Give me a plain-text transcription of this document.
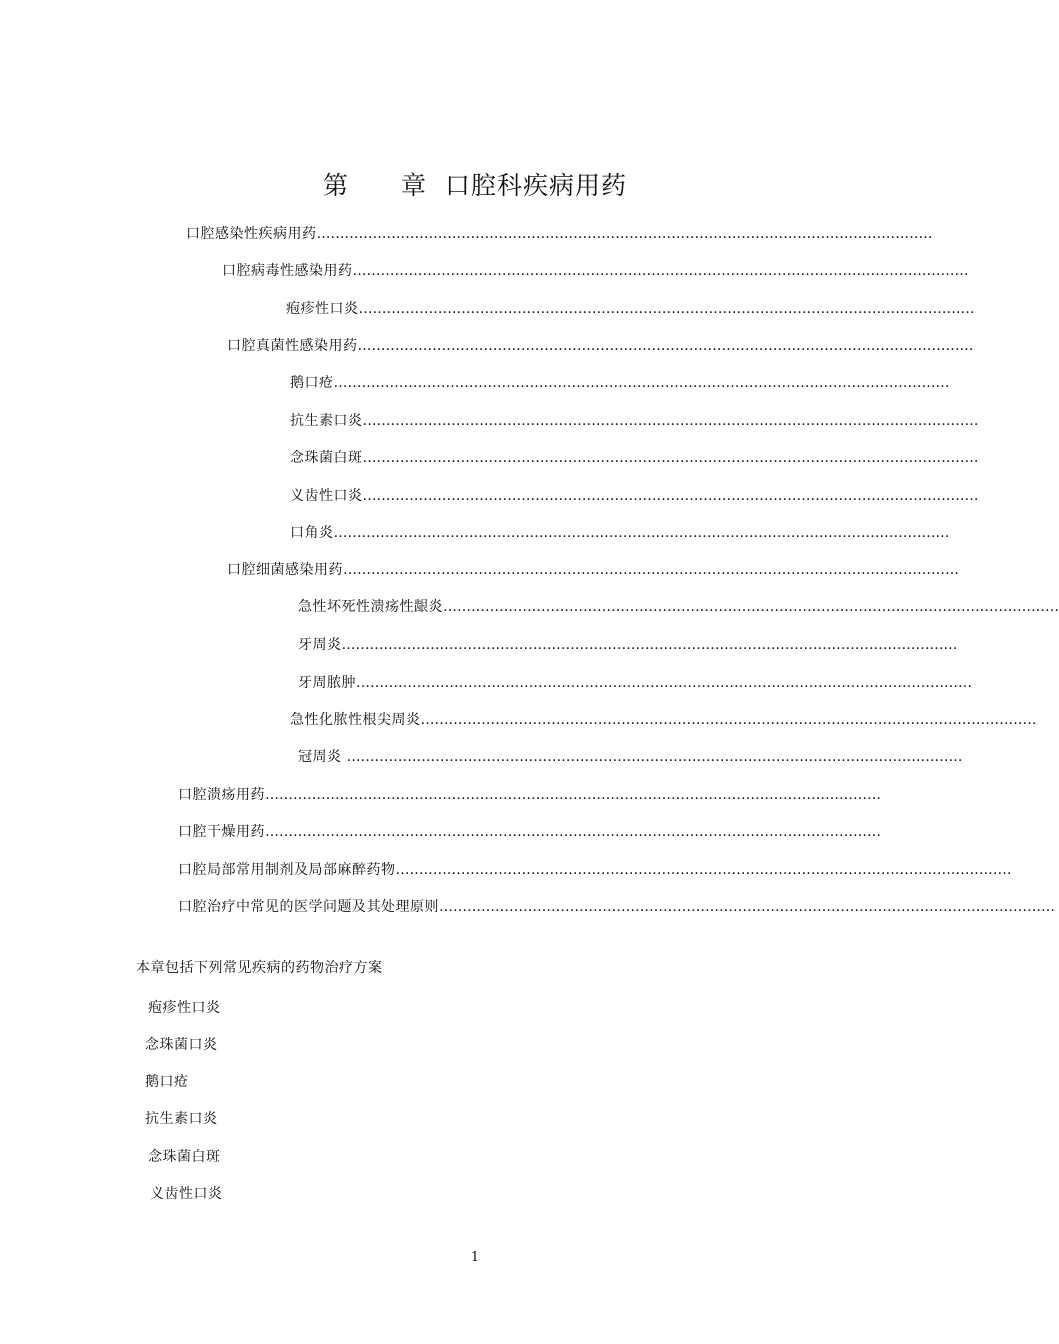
第　　章  口腔科疾病用药
口腔感染性疾病用药……………………………………………………………………………………………………………………
口腔病毒性感染用药……………………………………………………………………………………………………………………
疱疹性口炎……………………………………………………………………………………………………………………
口腔真菌性感染用药……………………………………………………………………………………………………………………
鹅口疮……………………………………………………………………………………………………………………
抗生素口炎……………………………………………………………………………………………………………………
念珠菌白斑……………………………………………………………………………………………………………………
义齿性口炎……………………………………………………………………………………………………………………
口角炎……………………………………………………………………………………………………………………
口腔细菌感染用药……………………………………………………………………………………………………………………
急性坏死性溃疡性龈炎……………………………………………………………………………………………………………………
牙周炎……………………………………………………………………………………………………………………
牙周脓肿……………………………………………………………………………………………………………………
急性化脓性根尖周炎……………………………………………………………………………………………………………………
冠周炎 ……………………………………………………………………………………………………………………
口腔溃疡用药……………………………………………………………………………………………………………………
口腔干燥用药……………………………………………………………………………………………………………………
口腔局部常用制剂及局部麻醉药物……………………………………………………………………………………………………………………
口腔治疗中常见的医学问题及其处理原则……………………………………………………………………………………………………………………
本章包括下列常见疾病的药物治疗方案
疱疹性口炎
念珠菌口炎
鹅口疮
抗生素口炎
念珠菌白斑
义齿性口炎
1
